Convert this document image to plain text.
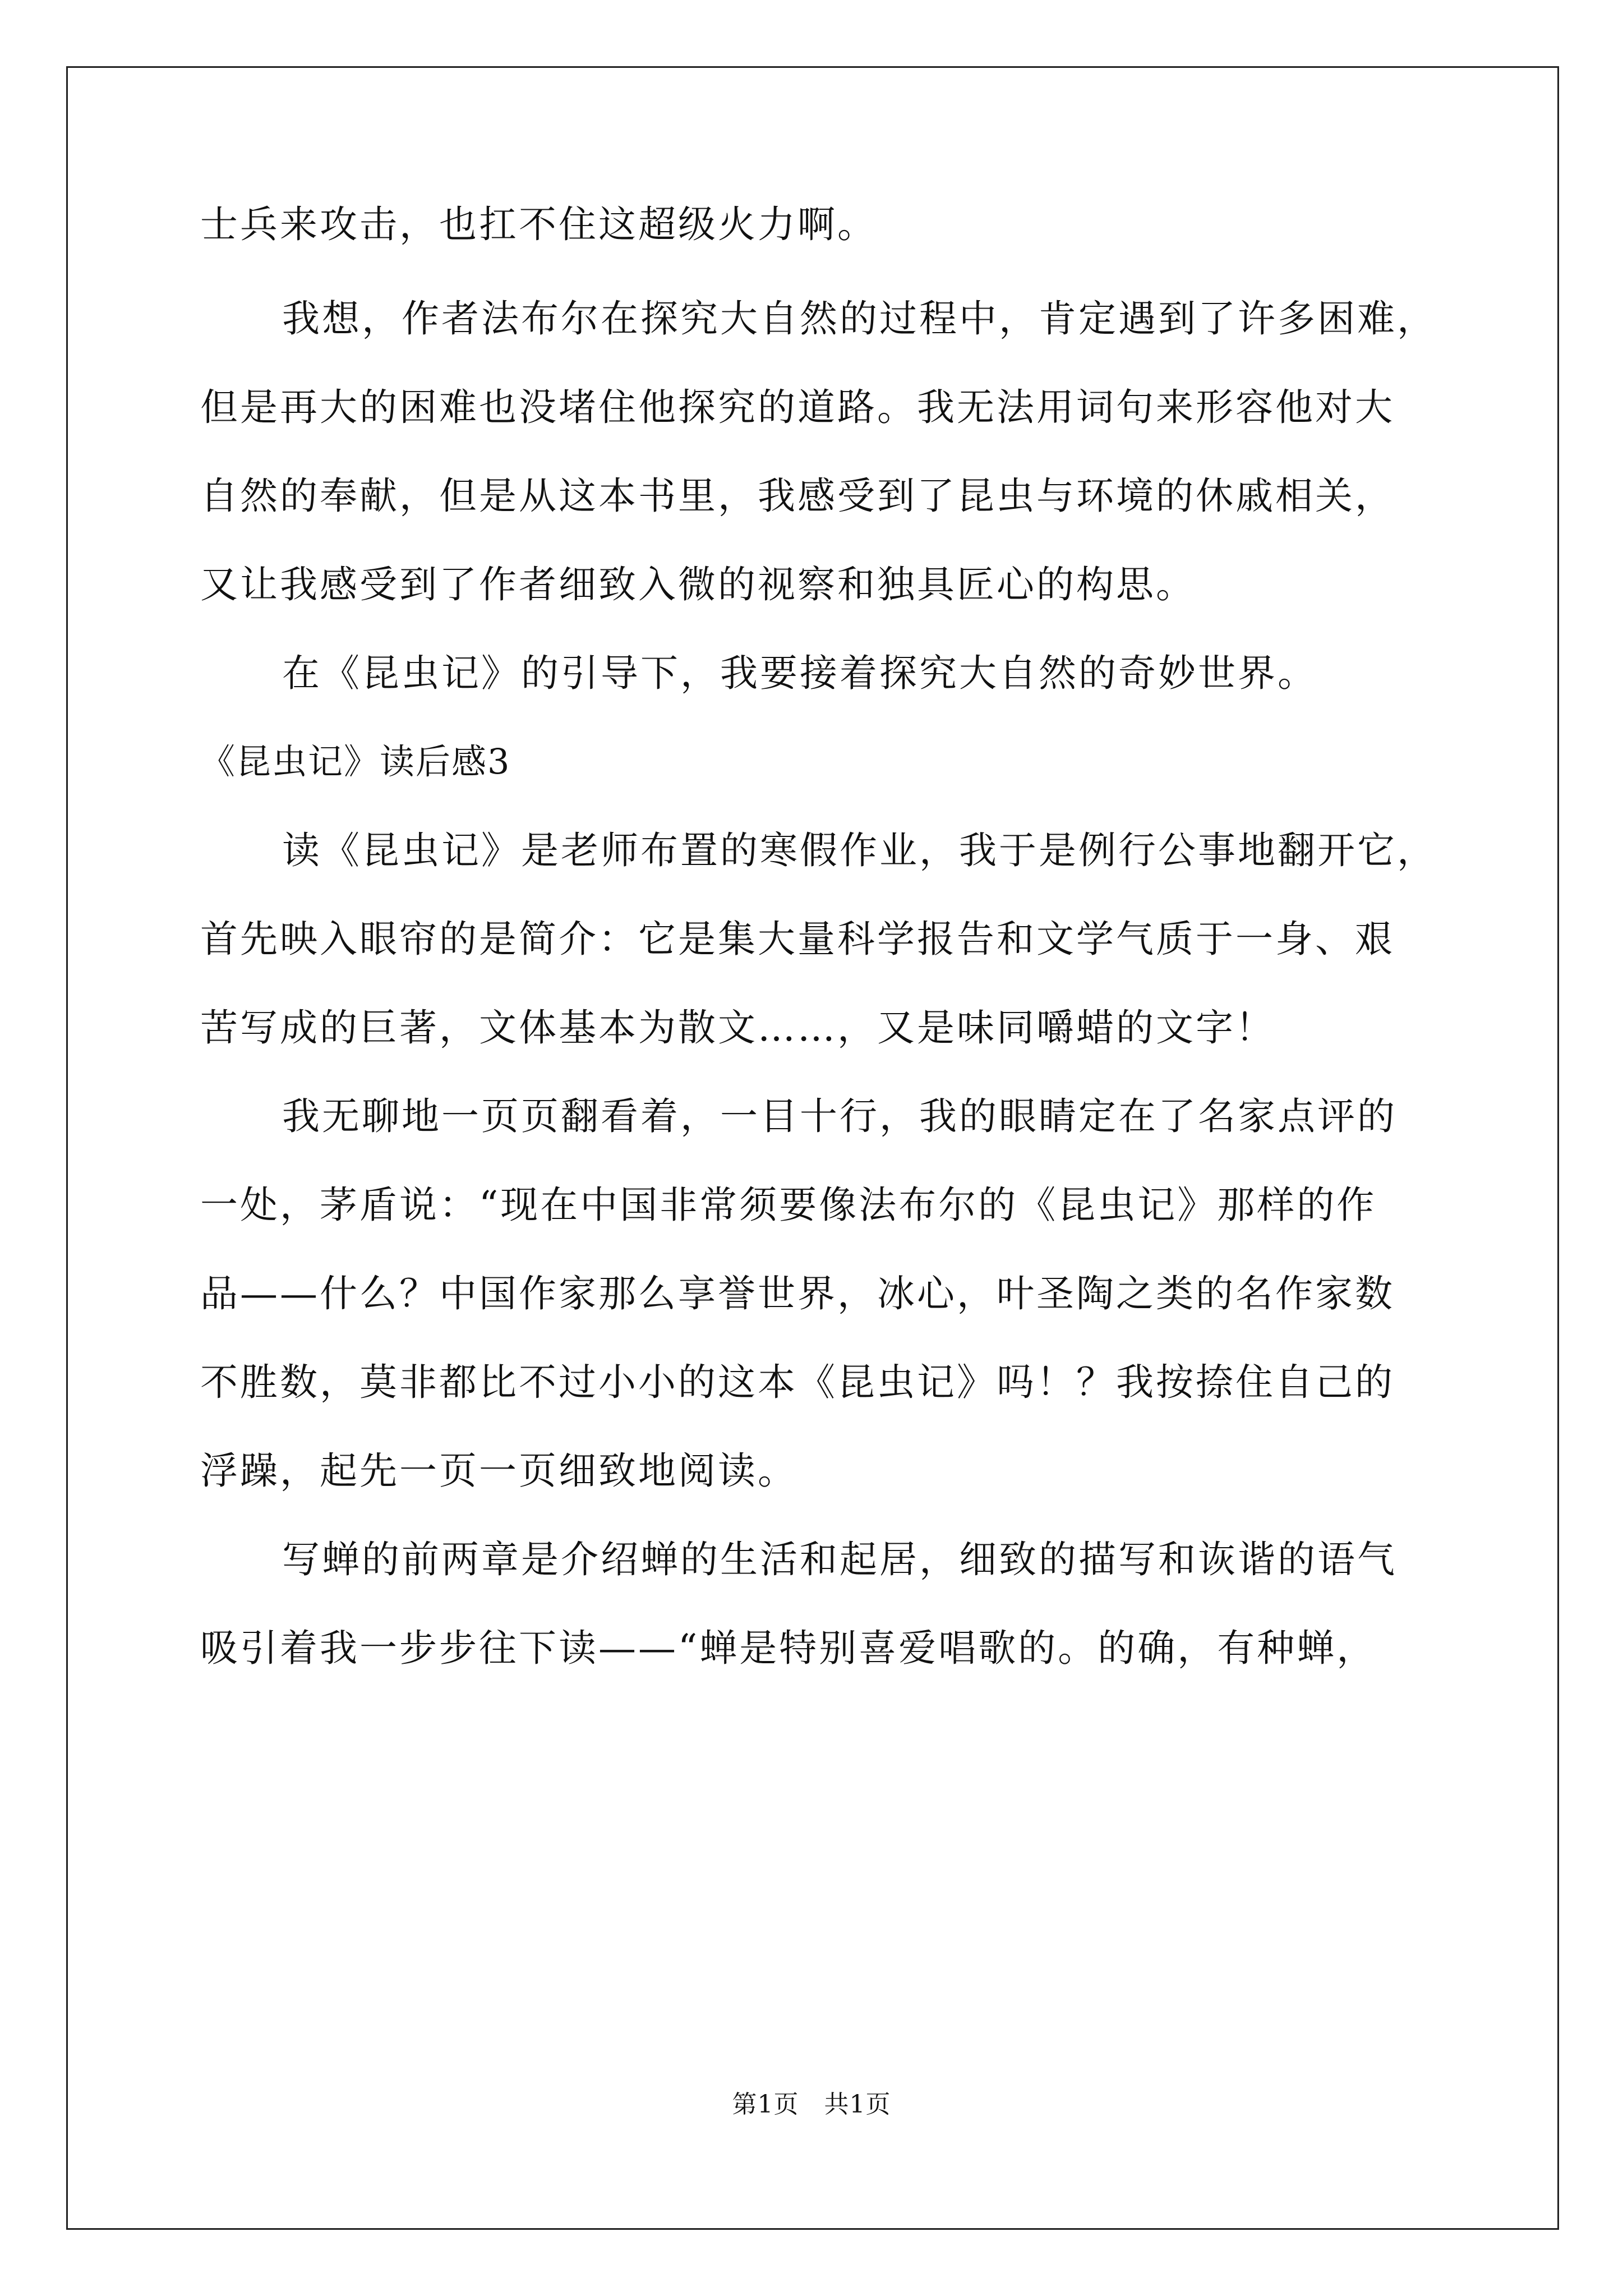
士兵来攻击，也扛不住这超级火力啊。
我想，作者法布尔在探究大自然的过程中，肯定遇到了许多困难，
但是再大的困难也没堵住他探究的道路。我无法用词句来形容他对大
自然的奉献，但是从这本书里，我感受到了昆虫与环境的休戚相关，
又让我感受到了作者细致入微的视察和独具匠心的构思。
在《昆虫记》的引导下，我要接着探究大自然的奇妙世界。
《昆虫记》读后感3
读《昆虫记》是老师布置的寒假作业，我于是例行公事地翻开它，
首先映入眼帘的是简介：它是集大量科学报告和文学气质于一身、艰
苦写成的巨著，文体基本为散文……，又是味同嚼蜡的文字！
我无聊地一页页翻看着，一目十行，我的眼睛定在了名家点评的
一处，茅盾说：“现在中国非常须要像法布尔的《昆虫记》那样的作
品——什么？中国作家那么享誉世界，冰心，叶圣陶之类的名作家数
不胜数，莫非都比不过小小的这本《昆虫记》吗！？我按捺住自己的
浮躁，起先一页一页细致地阅读。
写蝉的前两章是介绍蝉的生活和起居，细致的描写和诙谐的语气
吸引着我一步步往下读——“蝉是特别喜爱唱歌的。的确，有种蝉，
第1页　共1页
